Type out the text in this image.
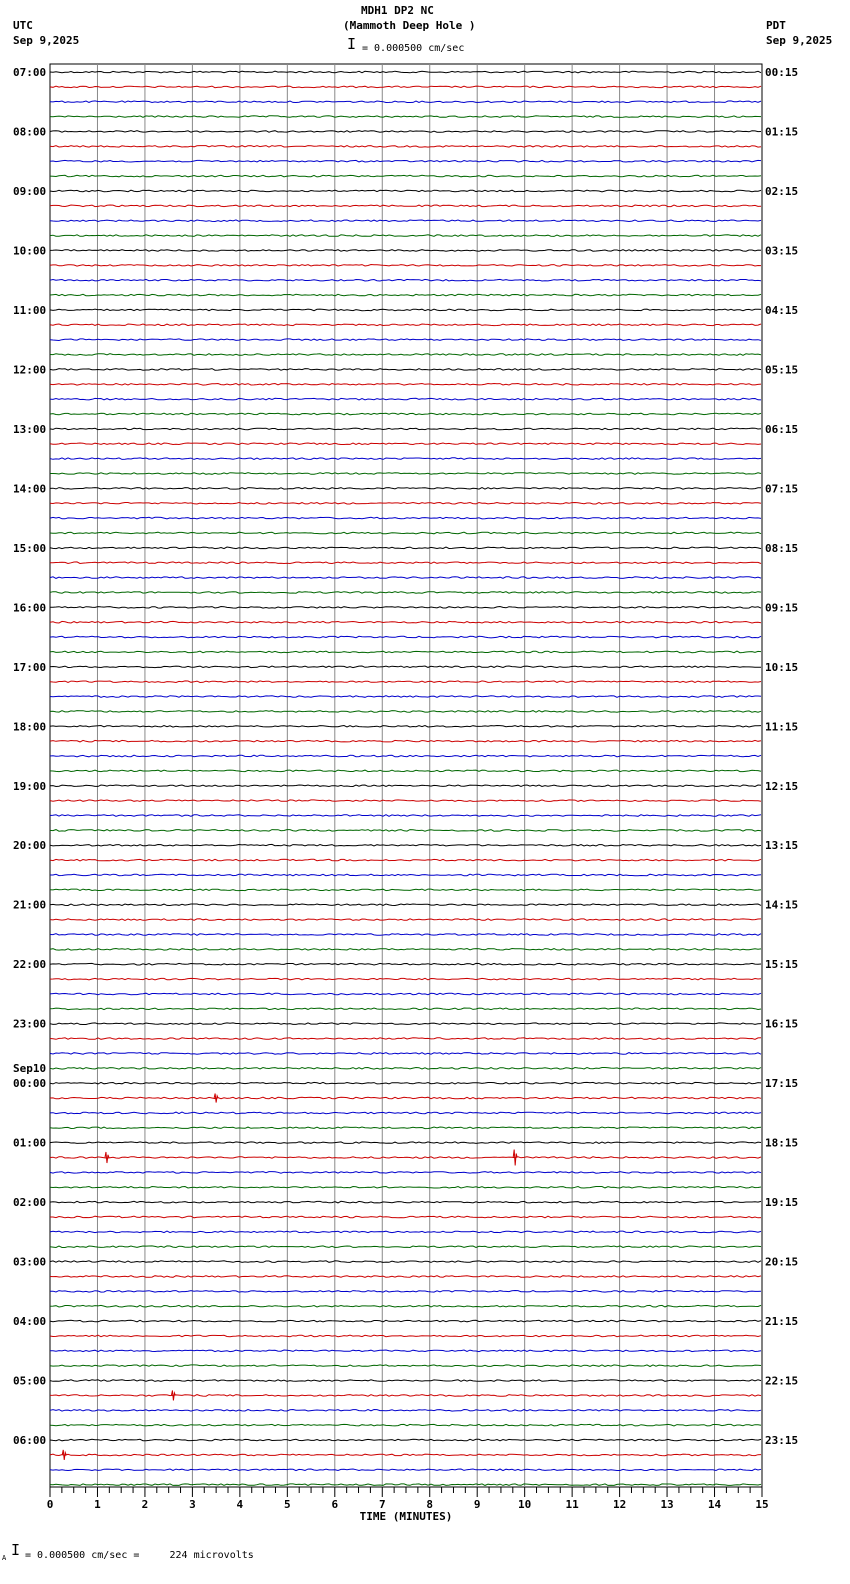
MDH1 DP2 NC
(Mammoth Deep Hole )
UTC
Sep 9,2025
PDT
Sep 9,2025
I = 0.000500 cm/sec
07:00
08:00
09:00
10:00
11:00
12:00
13:00
14:00
15:00
16:00
17:00
18:00
19:00
20:00
21:00
22:00
23:00
00:00
01:00
02:00
03:00
04:00
05:00
06:00
Sep10
00:15
01:15
02:15
03:15
04:15
05:15
06:15
07:15
08:15
09:15
10:15
11:15
12:15
13:15
14:15
15:15
16:15
17:15
18:15
19:15
20:15
21:15
22:15
23:15
0	1	2	3	4	5	6	7	8	9	10	11	12	13	14	15
TIME (MINUTES)
A I = 0.000500 cm/sec =     224 microvolts
